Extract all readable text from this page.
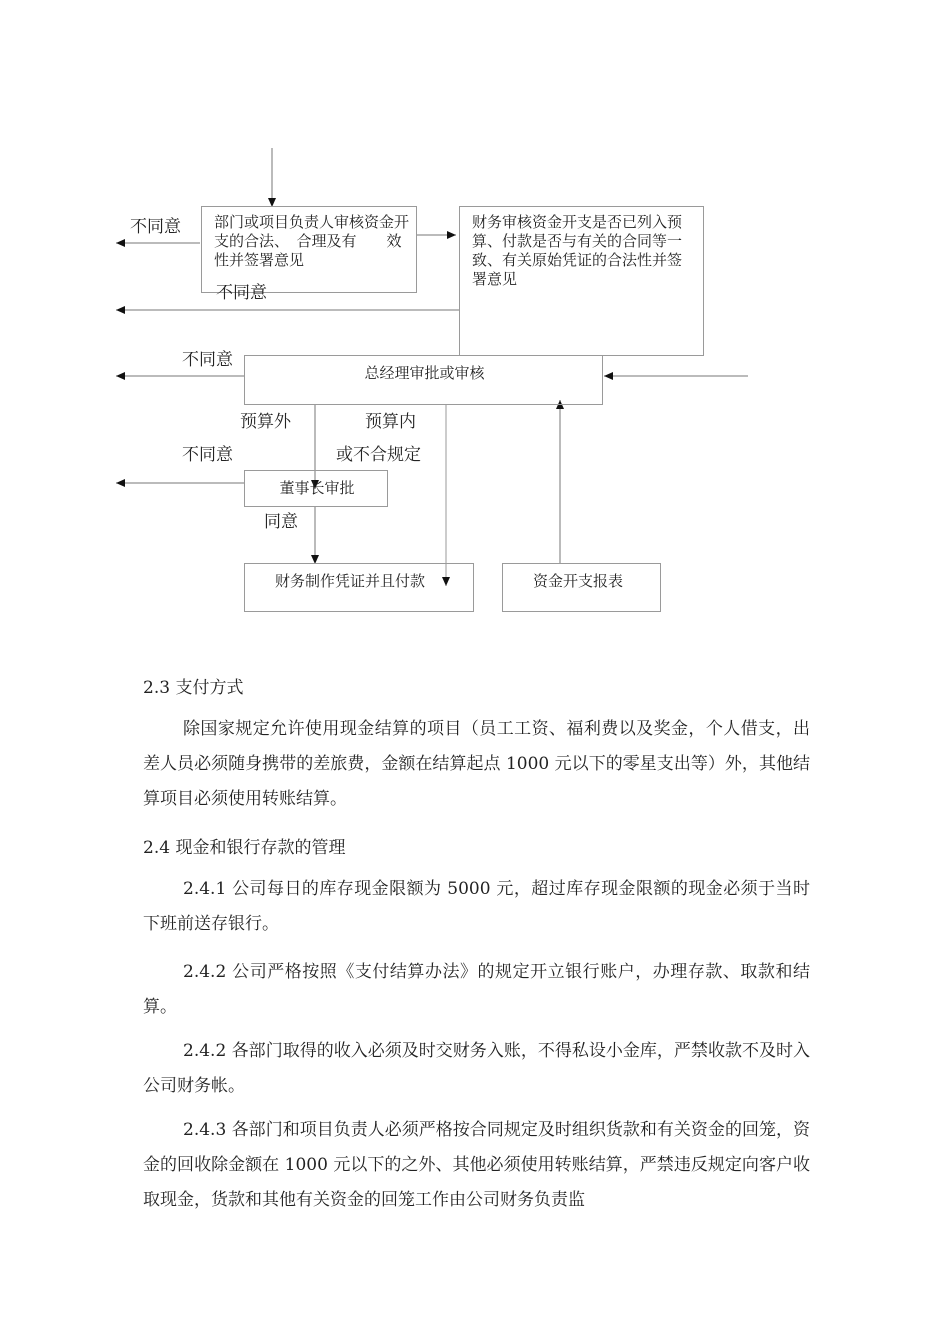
部门或项目负责人审核资金开支的合法、　合理及有　　效性并签署意见
财务审核资金开支是否已列入预算、付款是否与有关的合同等一致、有关原始凭证的合法性并签署意见
总经理审批或审核
董事长审批
财务制作凭证并且付款	资金开支报表
不同意
不同意
不同意
预算外	预算内
不同意	或不合规定
同意
2.3 支付方式

除国家规定允许使用现金结算的项目（员工工资、福利费以及奖金，个人借支，出差人员必须随身携带的差旅费，金额在结算起点 1000 元以下的零星支出等）外，其他结算项目必须使用转账结算。

2.4 现金和银行存款的管理

2.4.1 公司每日的库存现金限额为 5000 元，超过库存现金限额的现金必须于当时下班前送存银行。

2.4.2 公司严格按照《支付结算办法》的规定开立银行账户，办理存款、取款和结算。

2.4.2 各部门取得的收入必须及时交财务入账，不得私设小金库，严禁收款不及时入公司财务帐。

2.4.3 各部门和项目负责人必须严格按合同规定及时组织货款和有关资金的回笼，资金的回收除金额在 1000 元以下的之外、其他必须使用转账结算，严禁违反规定向客户收取现金，货款和其他有关资金的回笼工作由公司财务负责监
